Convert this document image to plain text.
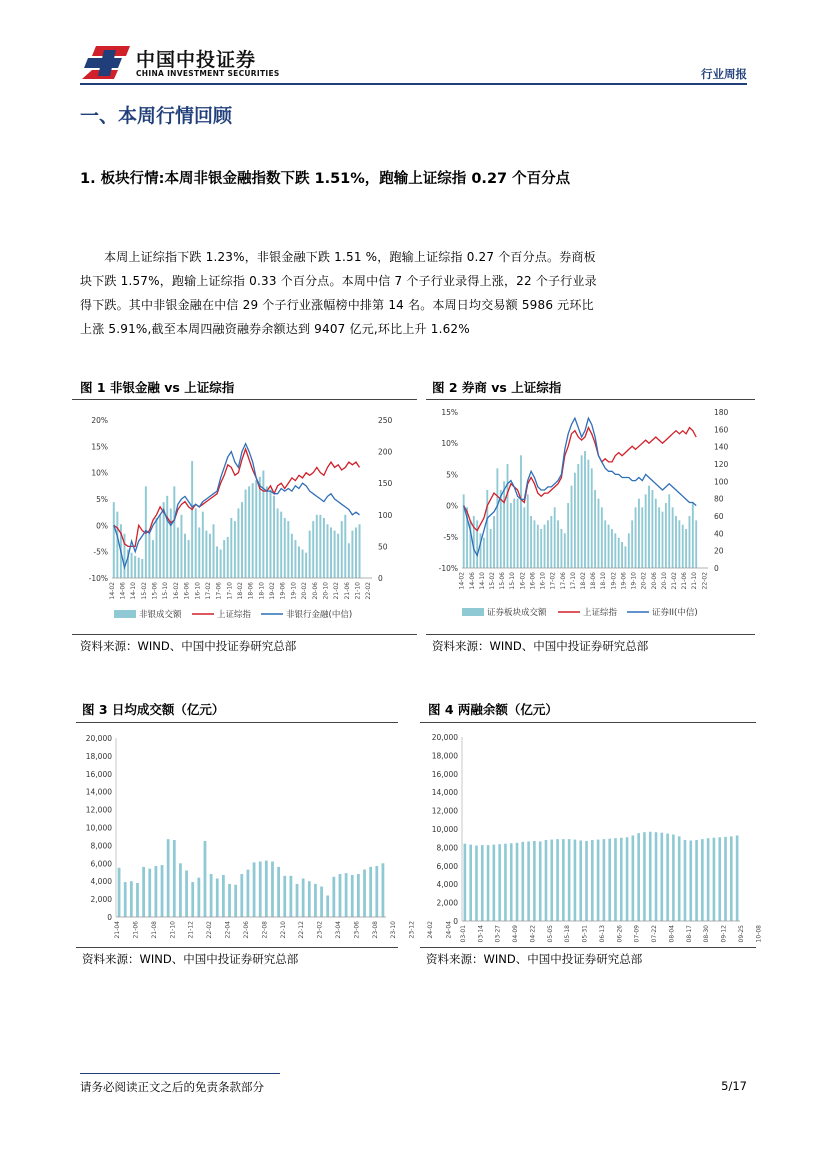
中国中投证券
CHINA INVESTMENT SECURITIES	行业周报
一、本周行情回顾
1. 板块行情:本周非银金融指数下跌 1.51%，跑输上证综指 0.27 个百分点
本周上证综指下跌 1.23%，非银金融下跌 1.51 %，跑输上证综指 0.27 个百分点。券商板块下跌 1.57%，跑输上证综指 0.33 个百分点。本周中信 7 个子行业录得上涨，22 个子行业录得下跌。其中非银金融在中信 29 个子行业涨幅榜中排第 14 名。本周日均交易额 5986 元环比上涨 5.91%,截至本周四融资融券余额达到 9407 亿元,环比上升 1.62%
图 1 非银金融 vs 上证综指
20%
15%
10%
5%
0%
-5%
-10%
250
200
150
100
50
0
14-02 14-06 14-10 15-02 15-06 15-10 16-02 16-06 16-10 17-02 17-06 17-10 18-02 18-06 18-10 19-02 19-06 19-10 20-02 20-06 20-10 21-02 21-06 21-10 22-02
非银成交额	上证综指	非银行金融(中信)
资料来源：WIND、中国中投证券研究总部
图 2 券商 vs 上证综指
15%
10%
5%
0%
-5%
-10%
180
160
140
120
100
80
60
40
20
0
14-02 14-06 14-10 15-02 15-06 15-10 16-02 16-06 16-10 17-02 17-06 17-10 18-02 18-06 18-10 19-02 19-06 19-10 20-02 20-06 20-10 21-02 21-06 21-10 22-02
证券板块成交额	上证综指	证券II(中信)
资料来源：WIND、中国中投证券研究总部
图 3 日均成交额（亿元）
20,000
18,000
16,000
14,000
12,000
10,000
8,000
6,000
4,000
2,000
0
21-04 21-06 21-08 21-10 21-12 22-02 22-04 22-06 22-08 22-10 22-12 23-02 23-04 23-06 23-08 23-10 23-12 24-02 24-04
资料来源：WIND、中国中投证券研究总部
图 4 两融余额（亿元）
20,000
18,000
16,000
14,000
12,000
10,000
8,000
6,000
4,000
2,000
0
03-01 03-14 03-27 04-09 04-22 05-05 05-18 05-31 06-13 06-26 07-09 07-22 08-04 08-17 08-30 09-12 09-25 10-08
资料来源：WIND、中国中投证券研究总部
请务必阅读正文之后的免责条款部分	5/17
